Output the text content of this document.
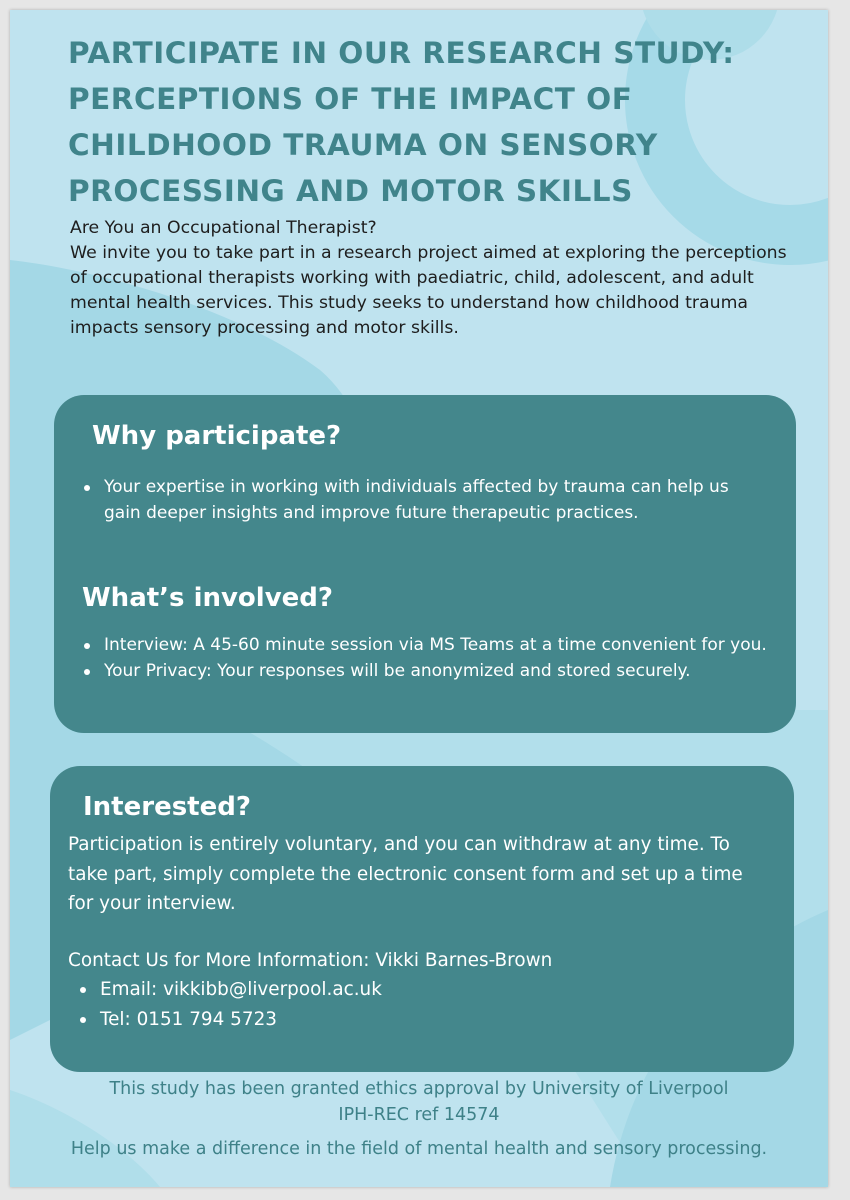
PARTICIPATE IN OUR RESEARCH STUDY: PERCEPTIONS OF THE IMPACT OF CHILDHOOD TRAUMA ON SENSORY PROCESSING AND MOTOR SKILLS

Are You an Occupational Therapist?

We invite you to take part in a research project aimed at exploring the perceptions of occupational therapists working with paediatric, child, adolescent, and adult mental health services. This study seeks to understand how childhood trauma impacts sensory processing and motor skills.

Why participate?
Your expertise in working with individuals affected by trauma can help us gain deeper insights and improve future therapeutic practices.
What’s involved?
Interview: A 45-60 minute session via MS Teams at a time convenient for you.
Your Privacy: Your responses will be anonymized and stored securely.
Interested?

Participation is entirely voluntary, and you can withdraw at any time. To take part, simply complete the electronic consent form and set up a time for your interview.

Contact Us for More Information: Vikki Barnes-Brown

Email: vikkibb@liverpool.ac.uk
Tel: 0151 794 5723

This study has been granted ethics approval by University of Liverpool
IPH-REC ref 14574

Help us make a difference in the field of mental health and sensory processing.
